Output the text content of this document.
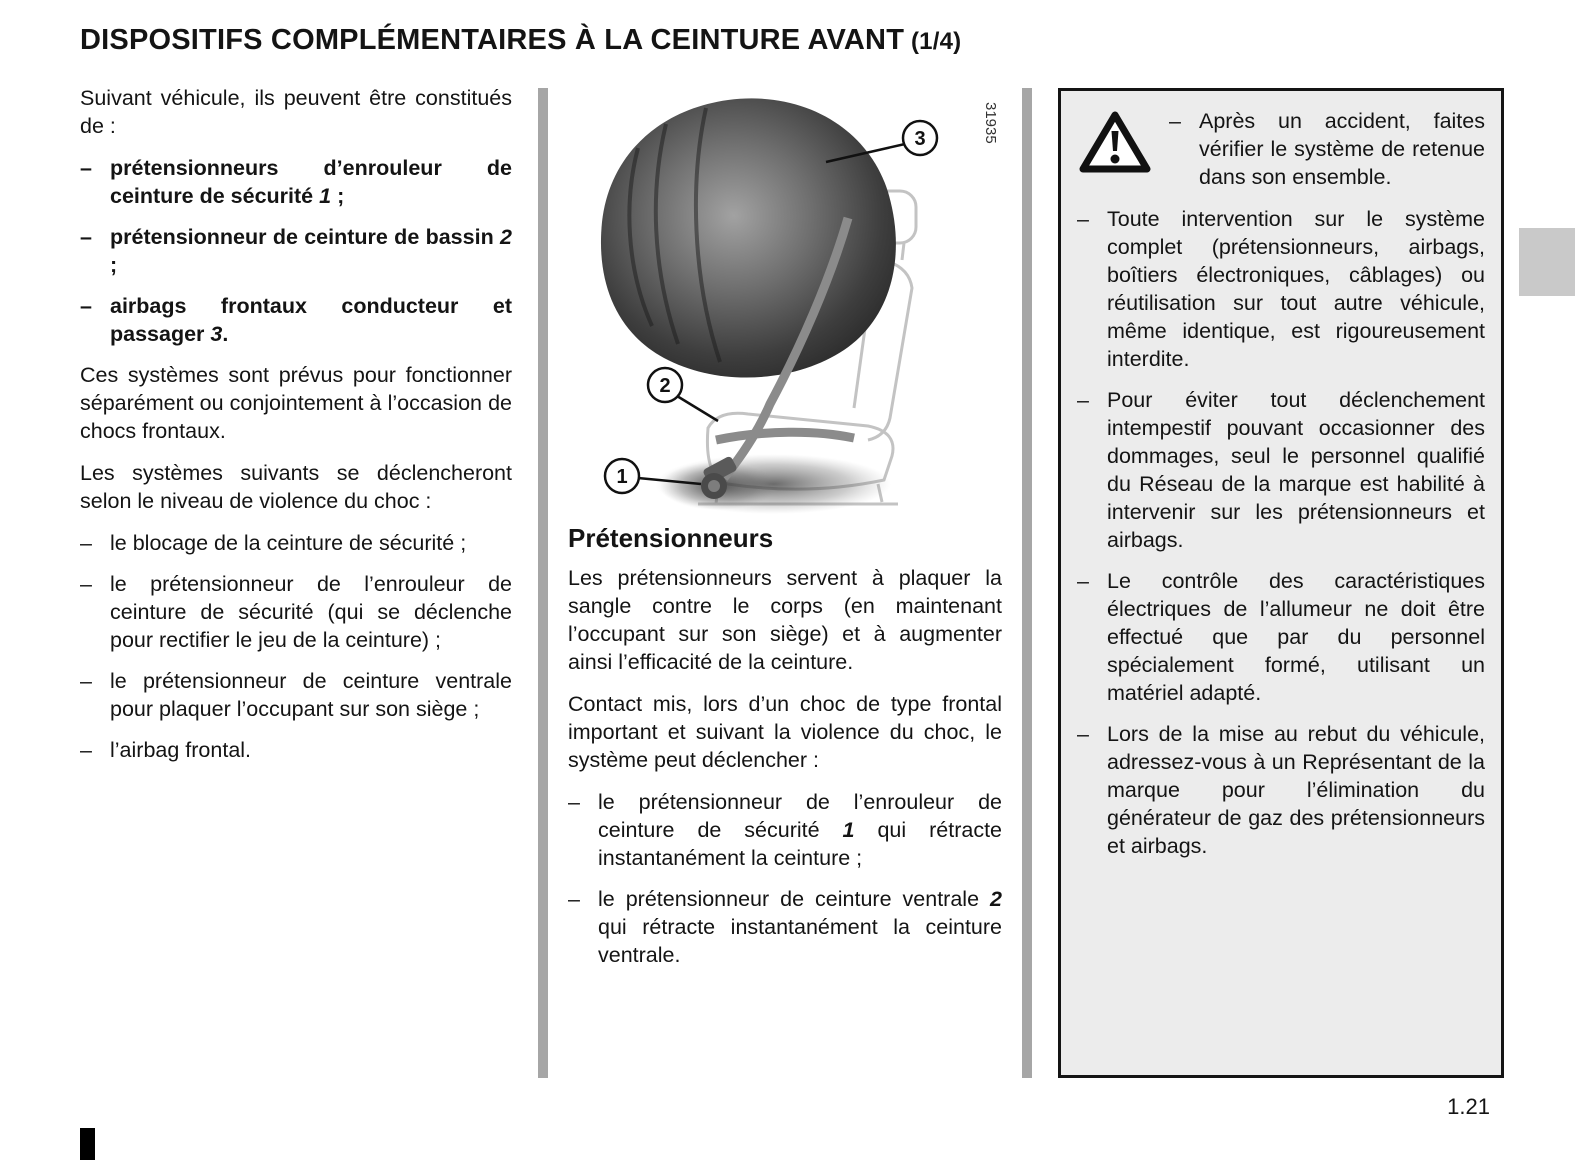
DISPOSITIFS COMPLÉMENTAIRES À LA CEINTURE AVANT (1/4)

Suivant véhicule, ils peuvent être constitués de :

– prétensionneurs d’enrouleur de ceinture de sécurité 1 ;
– prétensionneur de ceinture de bassin 2 ;
– airbags frontaux conducteur et passager 3.

Ces systèmes sont prévus pour fonctionner séparément ou conjointement à l’occasion de chocs frontaux.

Les systèmes suivants se déclencheront selon le niveau de violence du choc :

– le blocage de la ceinture de sécurité ;
– le prétensionneur de l’enrouleur de ceinture de sécurité (qui se déclenche pour rectifier le jeu de la ceinture) ;
– le prétensionneur de ceinture ventrale pour plaquer l’occupant sur son siège ;
– l’airbag frontal.
3
2
1
31935
Prétensionneurs

Les prétensionneurs servent à plaquer la sangle contre le corps (en maintenant l’occupant sur son siège) et à augmenter ainsi l’efficacité de la ceinture.

Contact mis, lors d’un choc de type frontal important et suivant la violence du choc, le système peut déclencher :

– le prétensionneur de l’enrouleur de ceinture de sécurité 1 qui rétracte instantanément la ceinture ;
– le prétensionneur de ceinture ventrale 2 qui rétracte instantanément la ceinture ventrale.
– Après un accident, faites vérifier le système de retenue dans son ensemble.
– Toute intervention sur le système complet (prétensionneurs, airbags, boîtiers électroniques, câblages) ou réutilisation sur tout autre véhicule, même identique, est rigoureusement interdite.
– Pour éviter tout déclenchement intempestif pouvant occasionner des dommages, seul le personnel qualifié du Réseau de la marque est habilité à intervenir sur les prétensionneurs et airbags.
– Le contrôle des caractéristiques électriques de l’allumeur ne doit être effectué que par du personnel spécialement formé, utilisant un matériel adapté.
– Lors de la mise au rebut du véhicule, adressez-vous à un Représentant de la marque pour l’élimination du générateur de gaz des prétensionneurs et airbags.
1.21
